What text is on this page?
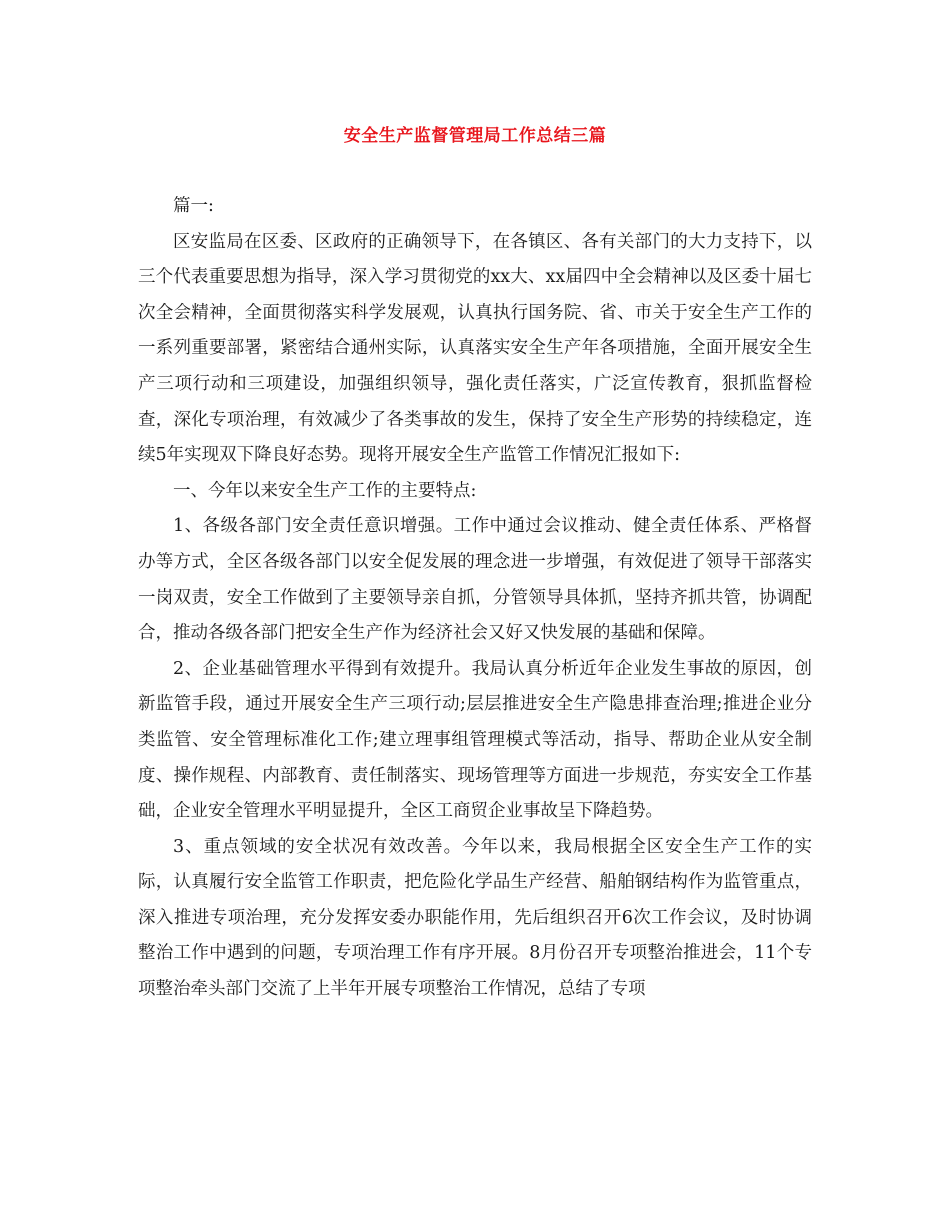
安全生产监督管理局工作总结三篇

篇一:

区安监局在区委、区政府的正确领导下，在各镇区、各有关部门的大力支持下，以三个代表重要思想为指导，深入学习贯彻党的xx大、xx届四中全会精神以及区委十届七次全会精神，全面贯彻落实科学发展观，认真执行国务院、省、市关于安全生产工作的一系列重要部署，紧密结合通州实际，认真落实安全生产年各项措施，全面开展安全生产三项行动和三项建设，加强组织领导，强化责任落实，广泛宣传教育，狠抓监督检查，深化专项治理，有效减少了各类事故的发生，保持了安全生产形势的持续稳定，连续5年实现双下降良好态势。现将开展安全生产监管工作情况汇报如下:

一、今年以来安全生产工作的主要特点:

1、各级各部门安全责任意识增强。工作中通过会议推动、健全责任体系、严格督办等方式，全区各级各部门以安全促发展的理念进一步增强，有效促进了领导干部落实一岗双责，安全工作做到了主要领导亲自抓，分管领导具体抓，坚持齐抓共管，协调配合，推动各级各部门把安全生产作为经济社会又好又快发展的基础和保障。

2、企业基础管理水平得到有效提升。我局认真分析近年企业发生事故的原因，创新监管手段，通过开展安全生产三项行动;层层推进安全生产隐患排查治理;推进企业分类监管、安全管理标准化工作;建立理事组管理模式等活动，指导、帮助企业从安全制度、操作规程、内部教育、责任制落实、现场管理等方面进一步规范，夯实安全工作基础，企业安全管理水平明显提升，全区工商贸企业事故呈下降趋势。

3、重点领域的安全状况有效改善。今年以来，我局根据全区安全生产工作的实际，认真履行安全监管工作职责，把危险化学品生产经营、船舶钢结构作为监管重点，深入推进专项治理，充分发挥安委办职能作用，先后组织召开6次工作会议，及时协调整治工作中遇到的问题，专项治理工作有序开展。8月份召开专项整治推进会，11个专项整治牵头部门交流了上半年开展专项整治工作情况，总结了专项
